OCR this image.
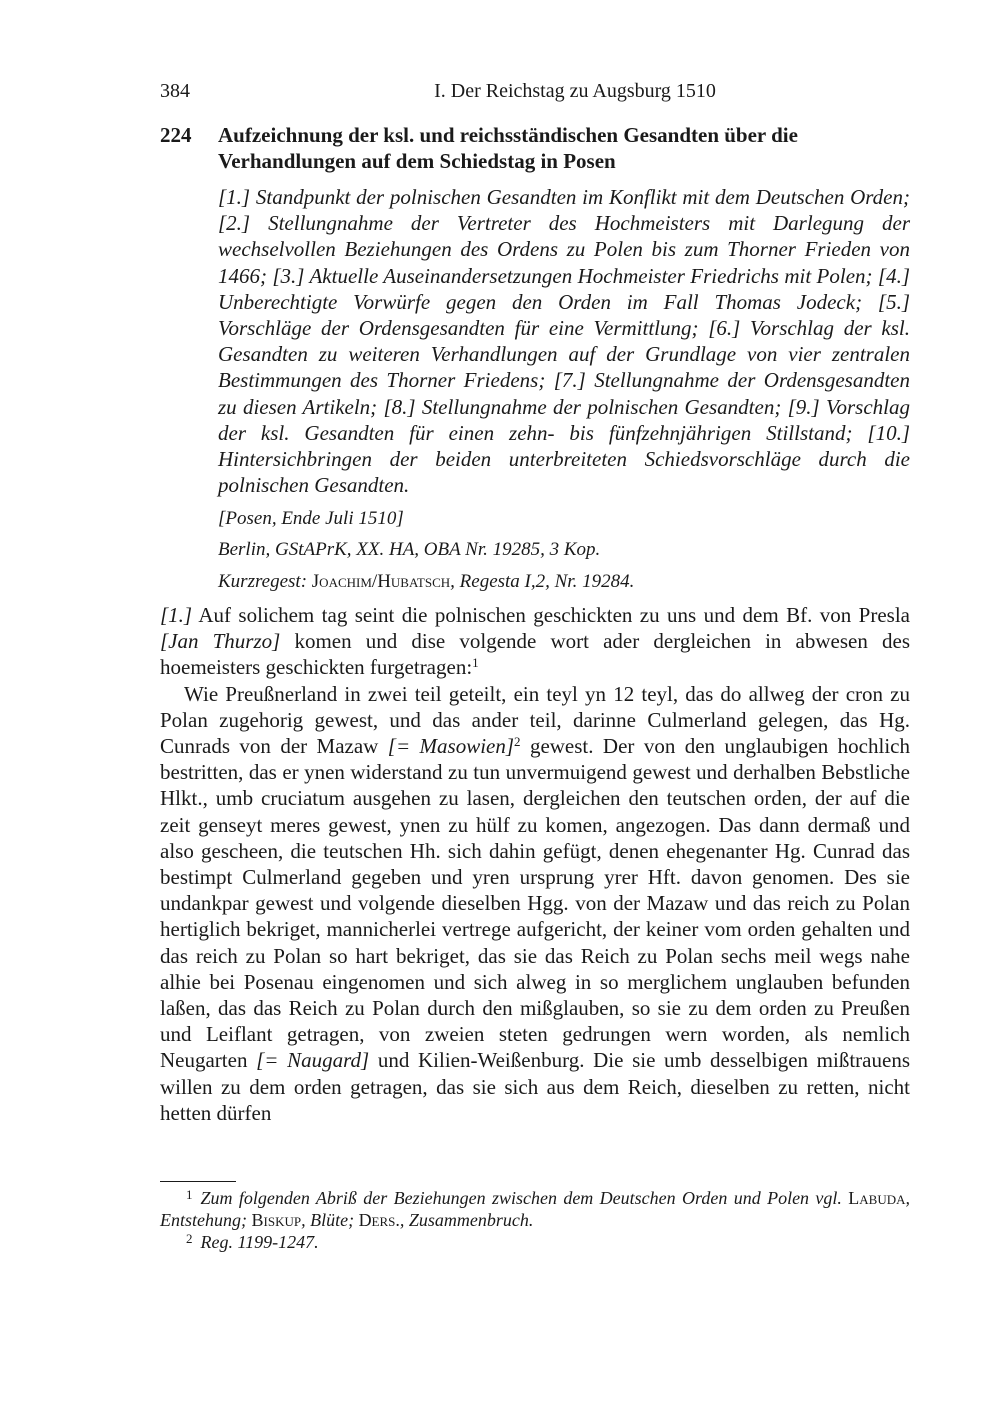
384	I. Der Reichstag zu Augsburg 1510
224	Aufzeichnung der ksl. und reichsständischen Gesandten über die Verhandlungen auf dem Schiedstag in Posen
[1.] Standpunkt der polnischen Gesandten im Konflikt mit dem Deutschen Orden; [2.] Stellungnahme der Vertreter des Hochmeisters mit Darlegung der wechselvollen Beziehungen des Ordens zu Polen bis zum Thorner Frieden von 1466; [3.] Aktuelle Auseinandersetzungen Hochmeister Friedrichs mit Polen; [4.] Unberechtigte Vorwürfe gegen den Orden im Fall Thomas Jodeck; [5.] Vorschläge der Ordensgesandten für eine Vermittlung; [6.] Vorschlag der ksl. Gesandten zu weiteren Verhandlungen auf der Grundlage von vier zentralen Bestimmungen des Thorner Friedens; [7.] Stellungnahme der Ordensgesandten zu diesen Artikeln; [8.] Stellungnahme der polnischen Gesandten; [9.] Vorschlag der ksl. Gesandten für einen zehn- bis fünfzehnjährigen Stillstand; [10.] Hintersichbringen der beiden unterbreiteten Schiedsvorschläge durch die polnischen Gesandten.
[Posen, Ende Juli 1510]
Berlin, GStAPrK, XX. HA, OBA Nr. 19285, 3 Kop.
Kurzregest: Joachim/Hubatsch, Regesta I,2, Nr. 19284.

[1.] Auf solichem tag seint die polnischen geschickten zu uns und dem Bf. von Presla [Jan Thurzo] komen und dise volgende wort ader dergleichen in abwesen des hoemeisters geschickten furgetragen:$^1$

Wie Preußnerland in zwei teil geteilt, ein teyl yn 12 teyl, das do allweg der cron zu Polan zugehorig gewest, und das ander teil, darinne Culmerland gelegen, das Hg. Cunrads von der Mazaw [= Masowien]$^2$ gewest. Der von den unglaubigen hochlich bestritten, das er ynen widerstand zu tun unvermuigend gewest und derhalben Bebstliche Hlkt., umb cruciatum ausgehen zu lasen, dergleichen den teutschen orden, der auf die zeit genseyt meres gewest, ynen zu hülf zu komen, angezogen. Das dann dermaß und also gescheen, die teutschen Hh. sich dahin gefügt, denen ehegenanter Hg. Cunrad das bestimpt Culmerland gegeben und yren ursprung yrer Hft. davon genomen. Des sie undankpar gewest und volgende dieselben Hgg. von der Mazaw und das reich zu Polan hertiglich bekriget, mannicherlei vertrege aufgericht, der keiner vom orden gehalten und das reich zu Polan so hart bekriget, das sie das Reich zu Polan sechs meil wegs nahe alhie bei Posenau eingenomen und sich alweg in so merglichem unglauben befunden laßen, das das Reich zu Polan durch den mißglauben, so sie zu dem orden zu Preußen und Leiflant getragen, von zweien steten gedrungen wern worden, als nemlich Neugarten [= Naugard] und Kilien-Weißenburg. Die sie umb desselbigen mißtrauens willen zu dem orden getragen, das sie sich aus dem Reich, dieselben zu retten, nicht hetten dürfen

$^1$ Zum folgenden Abriß der Beziehungen zwischen dem Deutschen Orden und Polen vgl. Labuda, Entstehung; Biskup, Blüte; Ders., Zusammenbruch.
$^2$ Reg. 1199-1247.
